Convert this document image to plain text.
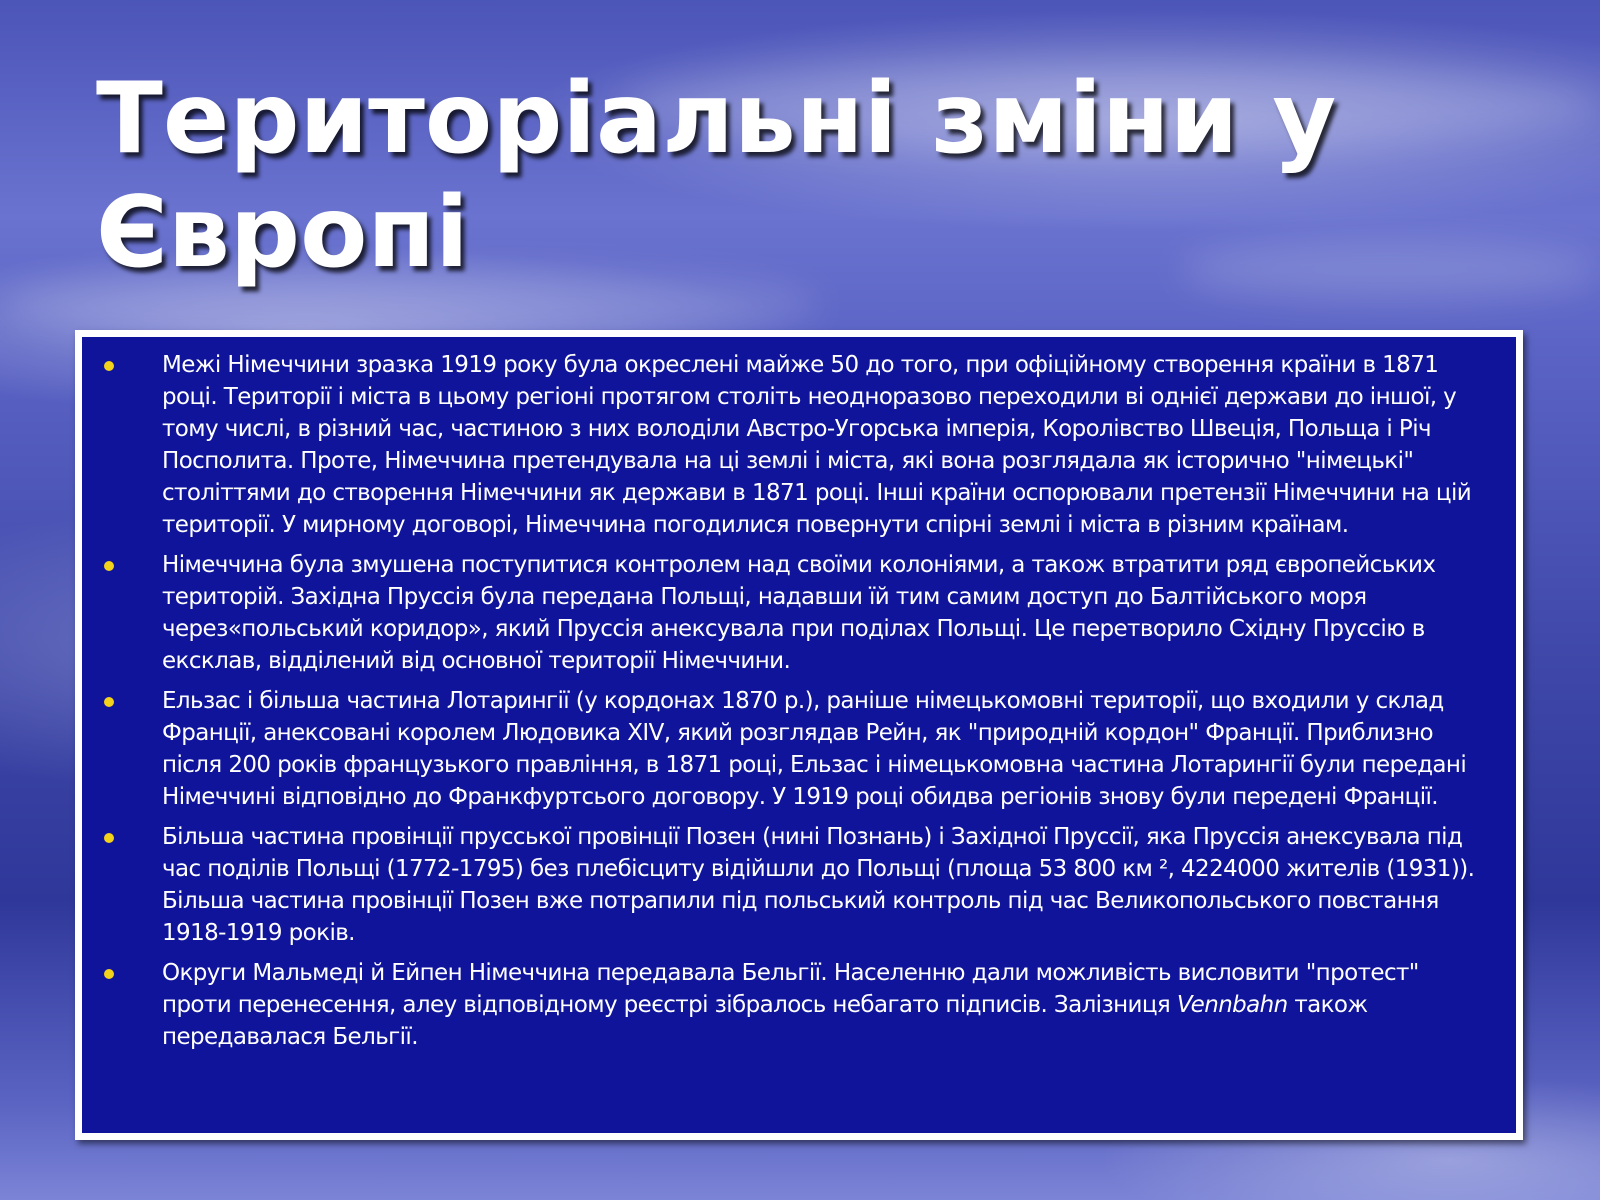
Територіальні зміни у Європі
Межі Німеччини зразка 1919 року була окреслені майже 50 до того, при офіційному створення країни в 1871 році. Території і міста в цьому регіоні протягом століть неодноразово переходили ві однієї держави до іншої, у тому числі, в різний час, частиною з них володіли Австро-Угорська імперія, Королівство Швеція, Польща і Річ Посполита. Проте, Німеччина претендувала на ці землі і міста, які вона розглядала як історично "німецькі" століттями до створення Німеччини як держави в 1871 році. Інші країни оспорювали претензії Німеччини на цій території. У мирному договорі, Німеччина погодилися повернути спірні землі і міста в різним країнам.
Німеччина була змушена поступитися контролем над своїми колоніями, а також втратити ряд європейських територій. Західна Пруссія була передана Польщі, надавши їй тим самим доступ до Балтійського моря через«польський коридор», який Пруссія анексувала при поділах Польщі. Це перетворило Східну Пруссію в ексклав, відділений від основної території Німеччини.
Ельзас і більша частина Лотарингії (у кордонах 1870 р.), раніше німецькомовні території, що входили у склад Франції, анексовані королем Людовика XIV, який розглядав Рейн, як "природній кордон" Франції. Приблизно після 200 років французького правління, в 1871 році, Ельзас і німецькомовна частина Лотарингії були передані Німеччині відповідно до Франкфуртсього договору. У 1919 році обидва регіонів знову були передені Франції.
Більша частина провінції прусської провінції Позен (нині Познань) і Західної Пруссії, яка Пруссія анексувала під час поділів Польщі (1772-1795) без плебісциту відійшли до Польщі (площа 53 800 км ², 4224000 жителів (1931)). Більша частина провінції Позен вже потрапили під польський контроль під час Великопольського повстання 1918-1919 років.
Округи Мальмеді й Ейпен Німеччина передавала Бельгії. Населенню дали можливість висловити "протест" проти перенесення, алеу відповідному реєстрі зібралось небагато підписів. Залізниця Vennbahn також передавалася Бельгії.
